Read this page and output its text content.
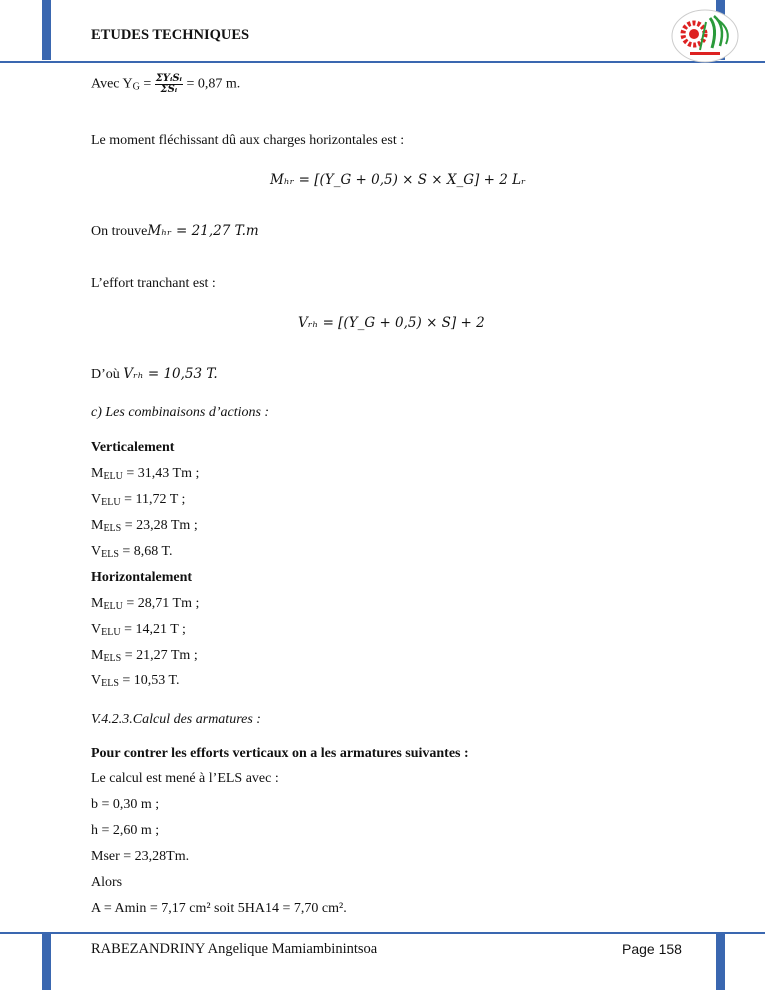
ETUDES TECHNIQUES
Avec $Y_G = \frac{\text{ΣYᵢSᵢ}}{\text{ΣSᵢ}} = 0,87$ m.
Le moment fléchissant dû aux charges horizontales est :
Mₕᵣ = [(Y_G + 0,5) × S × X_G] + 2 Lᵣ
On trouveMₕᵣ = 21,27 T.m
L’effort tranchant est :
Vᵣₕ = [(Y_G + 0,5) × S] + 2
D’où Vᵣₕ = 10,53 T.
c) Les combinaisons d’actions :
Verticalement
$M_{ELU} = 31,43$ Tm ;
$V_{ELU} = 11,72$ T ;
$M_{ELS} = 23,28$ Tm ;
$V_{ELS} = 8,68$ T.
Horizontalement
$M_{ELU} = 28,71$ Tm ;
$V_{ELU} = 14,21$ T ;
$M_{ELS} = 21,27$ Tm ;
$V_{ELS} = 10,53$ T.
V.4.2.3.Calcul des armatures :
Pour contrer les efforts verticaux on a les armatures suivantes :
Le calcul est mené à l’ELS avec :
b = 0,30 m ;
h = 2,60 m ;
Mser = 23,28Tm.
Alors
A = Amin = 7,17 cm² soit 5HA14 = 7,70 cm².
RABEZANDRINY Angelique Mamiambinintsoa	Page 158
